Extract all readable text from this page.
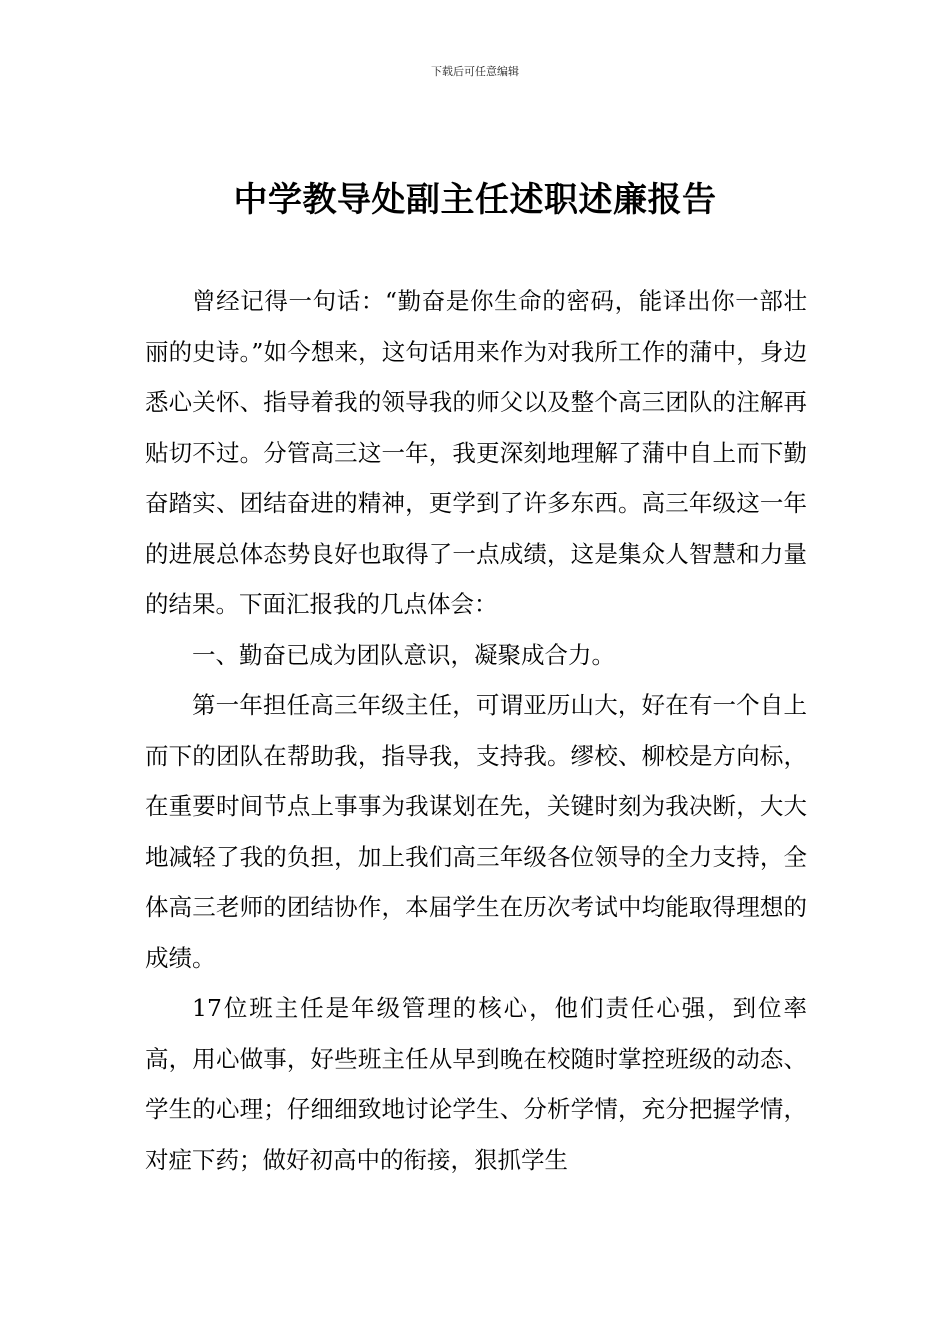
下载后可任意编辑
中学教导处副主任述职述廉报告

曾经记得一句话：“勤奋是你生命的密码，能译出你一部壮丽的史诗。”如今想来，这句话用来作为对我所工作的蒲中，身边悉心关怀、指导着我的领导我的师父以及整个高三团队的注解再贴切不过。分管高三这一年，我更深刻地理解了蒲中自上而下勤奋踏实、团结奋进的精神，更学到了许多东西。高三年级这一年的进展总体态势良好也取得了一点成绩，这是集众人智慧和力量的结果。下面汇报我的几点体会：

一、勤奋已成为团队意识，凝聚成合力。

第一年担任高三年级主任，可谓亚历山大，好在有一个自上而下的团队在帮助我，指导我，支持我。缪校、柳校是方向标，在重要时间节点上事事为我谋划在先，关键时刻为我决断，大大地减轻了我的负担，加上我们高三年级各位领导的全力支持，全体高三老师的团结协作，本届学生在历次考试中均能取得理想的成绩。

17位班主任是年级管理的核心，他们责任心强，到位率高，用心做事，好些班主任从早到晚在校随时掌控班级的动态、学生的心理；仔细细致地讨论学生、分析学情，充分把握学情，对症下药；做好初高中的衔接，狠抓学生
